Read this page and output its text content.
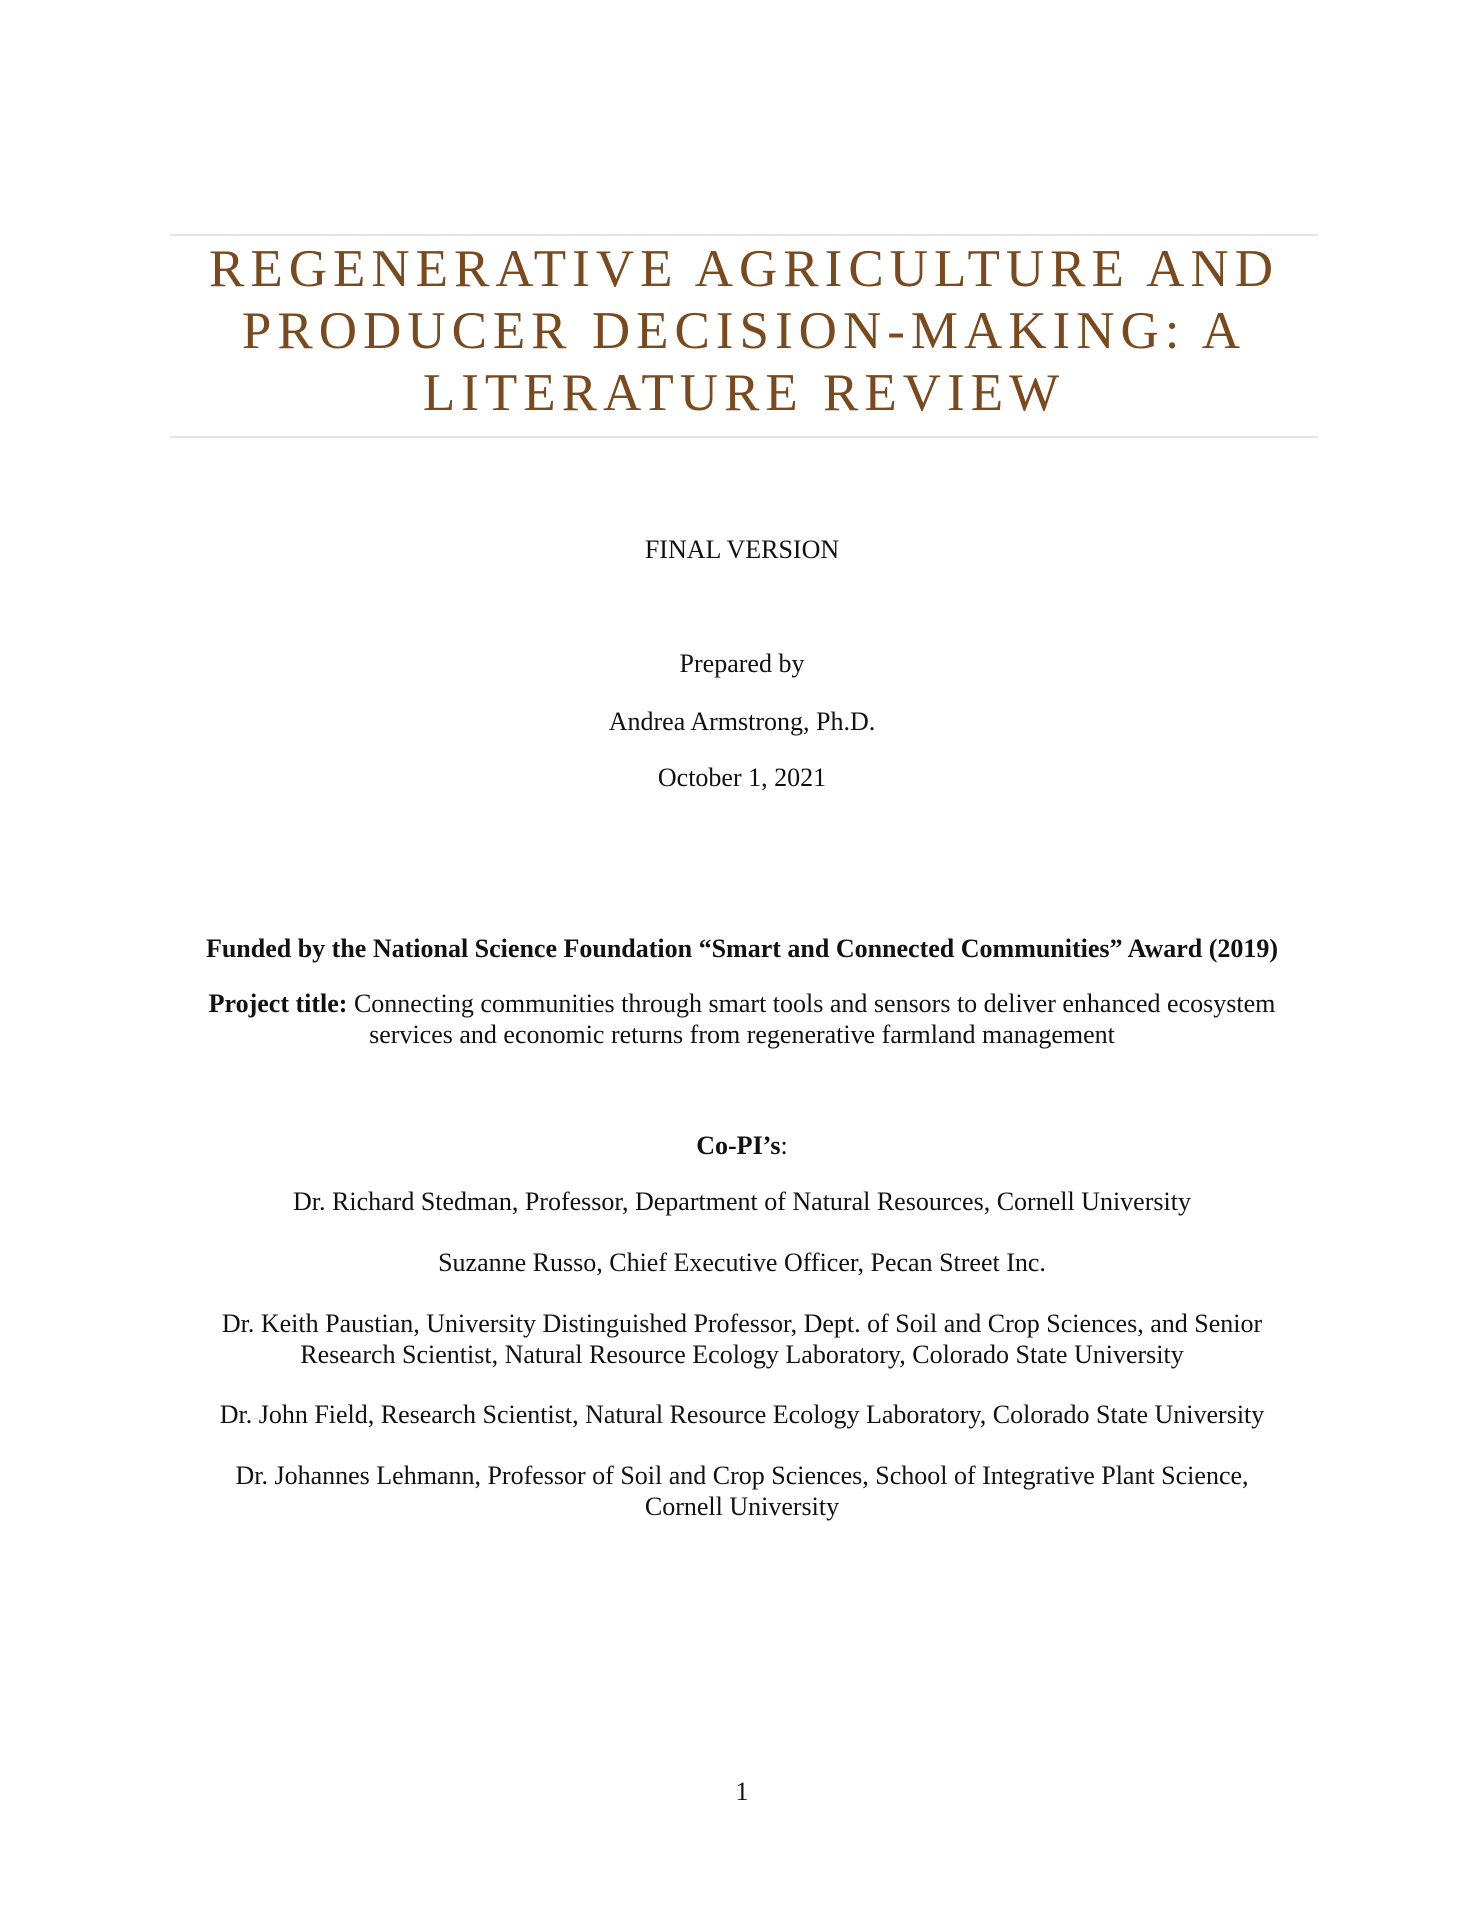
REGENERATIVE AGRICULTURE AND
PRODUCER DECISION-MAKING: A
LITERATURE REVIEW

FINAL VERSION

Prepared by

Andrea Armstrong, Ph.D.

October 1, 2021

Funded by the National Science Foundation “Smart and Connected Communities” Award (2019)

Project title: Connecting communities through smart tools and sensors to deliver enhanced ecosystem
services and economic returns from regenerative farmland management

Co-PI’s:

Dr. Richard Stedman, Professor, Department of Natural Resources, Cornell University

Suzanne Russo, Chief Executive Officer, Pecan Street Inc.

Dr. Keith Paustian, University Distinguished Professor, Dept. of Soil and Crop Sciences, and Senior
Research Scientist, Natural Resource Ecology Laboratory, Colorado State University

Dr. John Field, Research Scientist, Natural Resource Ecology Laboratory, Colorado State University

Dr. Johannes Lehmann, Professor of Soil and Crop Sciences, School of Integrative Plant Science,
Cornell University

1
